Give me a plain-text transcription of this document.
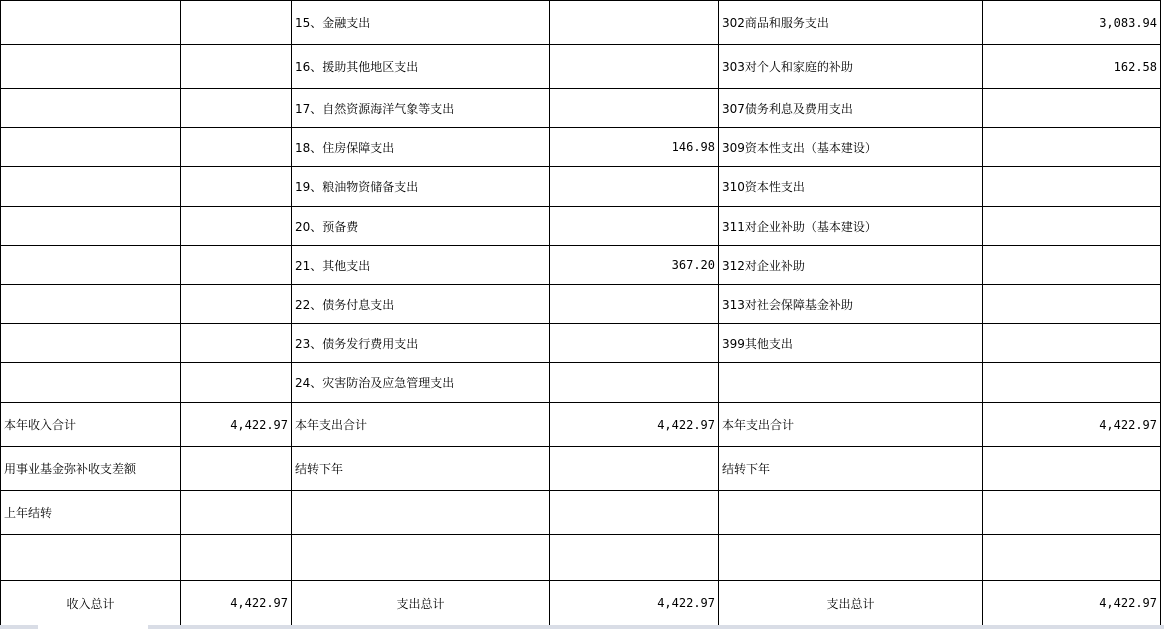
		15、金融支出		302商品和服务支出	3,083.94
		16、援助其他地区支出		303对个人和家庭的补助	162.58
		17、自然资源海洋气象等支出		307债务利息及费用支出	
		18、住房保障支出	146.98	309资本性支出（基本建设）	
		19、粮油物资储备支出		310资本性支出	
		20、预备费		311对企业补助（基本建设）	
		21、其他支出	367.20	312对企业补助	
		22、债务付息支出		313对社会保障基金补助	
		23、债务发行费用支出		399其他支出	
		24、灾害防治及应急管理支出			
本年收入合计	4,422.97	本年支出合计	4,422.97	本年支出合计	4,422.97
用事业基金弥补收支差额		结转下年		结转下年	
上年结转					

收入总计	4,422.97	支出总计	4,422.97	支出总计	4,422.97
